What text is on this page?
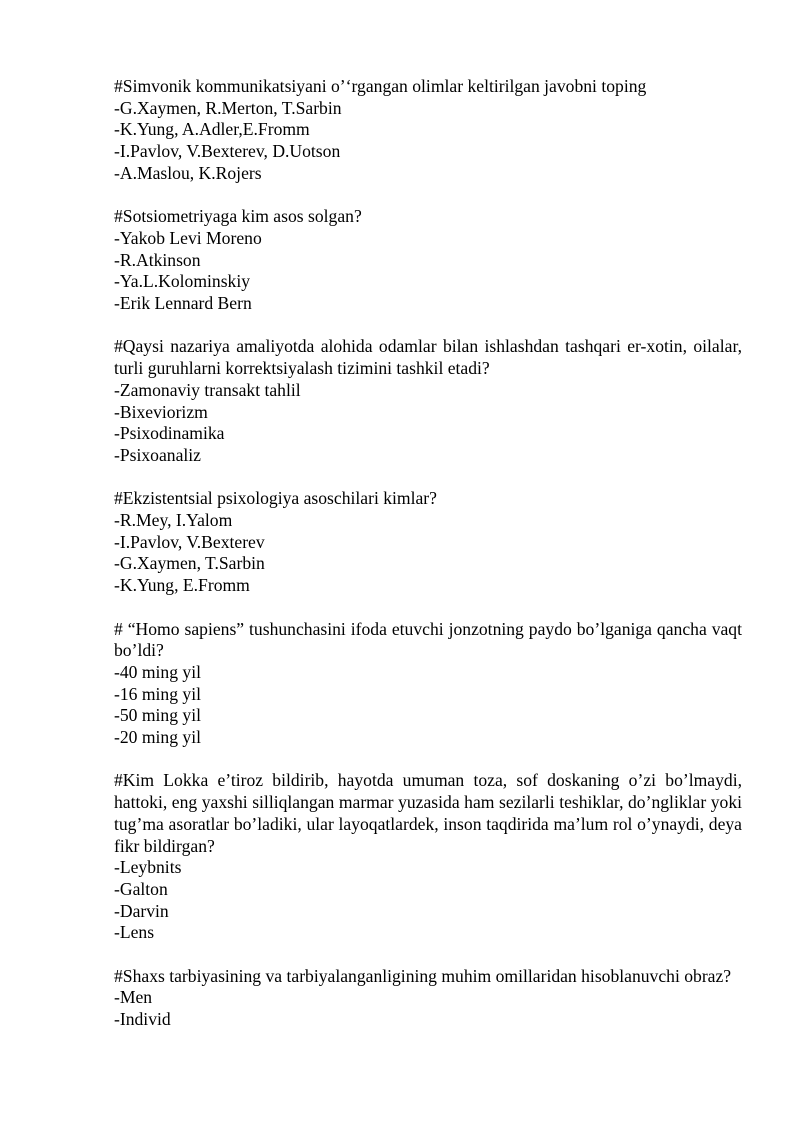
#Simvonik kommunikatsiyani o’‘rgangan olimlar keltirilgan javobni toping

-G.Xaymen, R.Merton, T.Sarbin

-K.Yung, A.Adler,E.Fromm

-I.Pavlov, V.Bexterev, D.Uotson

-A.Maslou, K.Rojers

#Sotsiometriyaga kim asos solgan?

-Yakob Levi Moreno

-R.Atkinson

-Ya.L.Kolominskiy

-Erik Lennard Bern

#Qaysi nazariya amaliyotda alohida odamlar bilan ishlashdan tashqari er-xotin, oilalar, turli guruhlarni korrektsiyalash tizimini tashkil etadi?

-Zamonaviy transakt tahlil

-Bixeviorizm

-Psixodinamika

-Psixoanaliz

#Ekzistentsial psixologiya asoschilari kimlar?

-R.Mey, I.Yalom

-I.Pavlov, V.Bexterev

-G.Xaymen, T.Sarbin

-K.Yung, E.Fromm

# “Homo sapiens” tushunchasini ifoda etuvchi jonzotning paydo bo’lganiga qancha vaqt bo’ldi?

-40 ming yil

-16 ming yil

-50 ming yil

-20 ming yil

#Kim Lokka e’tiroz bildirib, hayotda umuman toza, sof doskaning o’zi bo’lmaydi, hattoki, eng yaxshi silliqlangan marmar yuzasida ham sezilarli teshiklar, do’ngliklar yoki tug’ma asoratlar bo’ladiki, ular layoqatlardek, inson taqdirida ma’lum rol o’ynaydi, deya fikr bildirgan?

-Leybnits

-Galton

-Darvin

-Lens

#Shaxs tarbiyasining va tarbiyalanganligining muhim omillaridan hisoblanuvchi obraz?

-Men

-Individ
